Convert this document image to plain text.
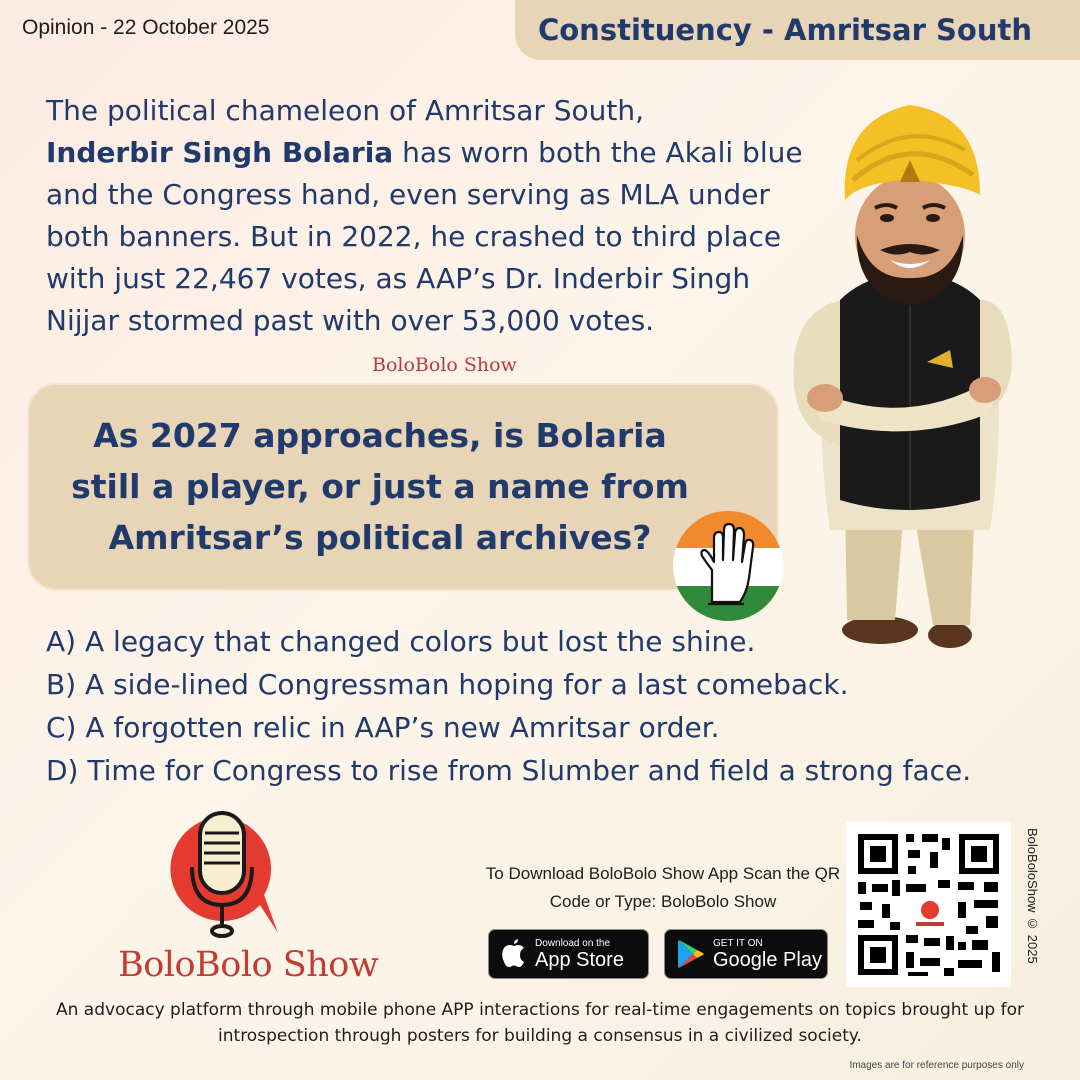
Opinion - 22 October 2025	Constituency - Amritsar South
The political chameleon of Amritsar South,
Inderbir Singh Bolaria has worn both the Akali blue and the Congress hand, even serving as MLA under both banners. But in 2022, he crashed to third place with just 22,467 votes, as AAP’s Dr. Inderbir Singh Nijjar stormed past with over 53,000 votes.
BoloBolo Show
As 2027 approaches, is Bolaria still a player, or just a name from Amritsar’s political archives?
A) A legacy that changed colors but lost the shine.
B) A side-lined Congressman hoping for a last comeback.
C) A forgotten relic in AAP’s new Amritsar order.
D) Time for Congress to rise from Slumber and field a strong face.
BoloBolo Show
To Download BoloBolo Show App Scan the QR Code or Type: BoloBolo Show
Download on the
App Store
GET IT ON
Google Play	BoloBoloShow © 2025
An advocacy platform through mobile phone APP interactions for real-time engagements on topics brought up for introspection through posters for building a consensus in a civilized society.
Images are for reference purposes only
